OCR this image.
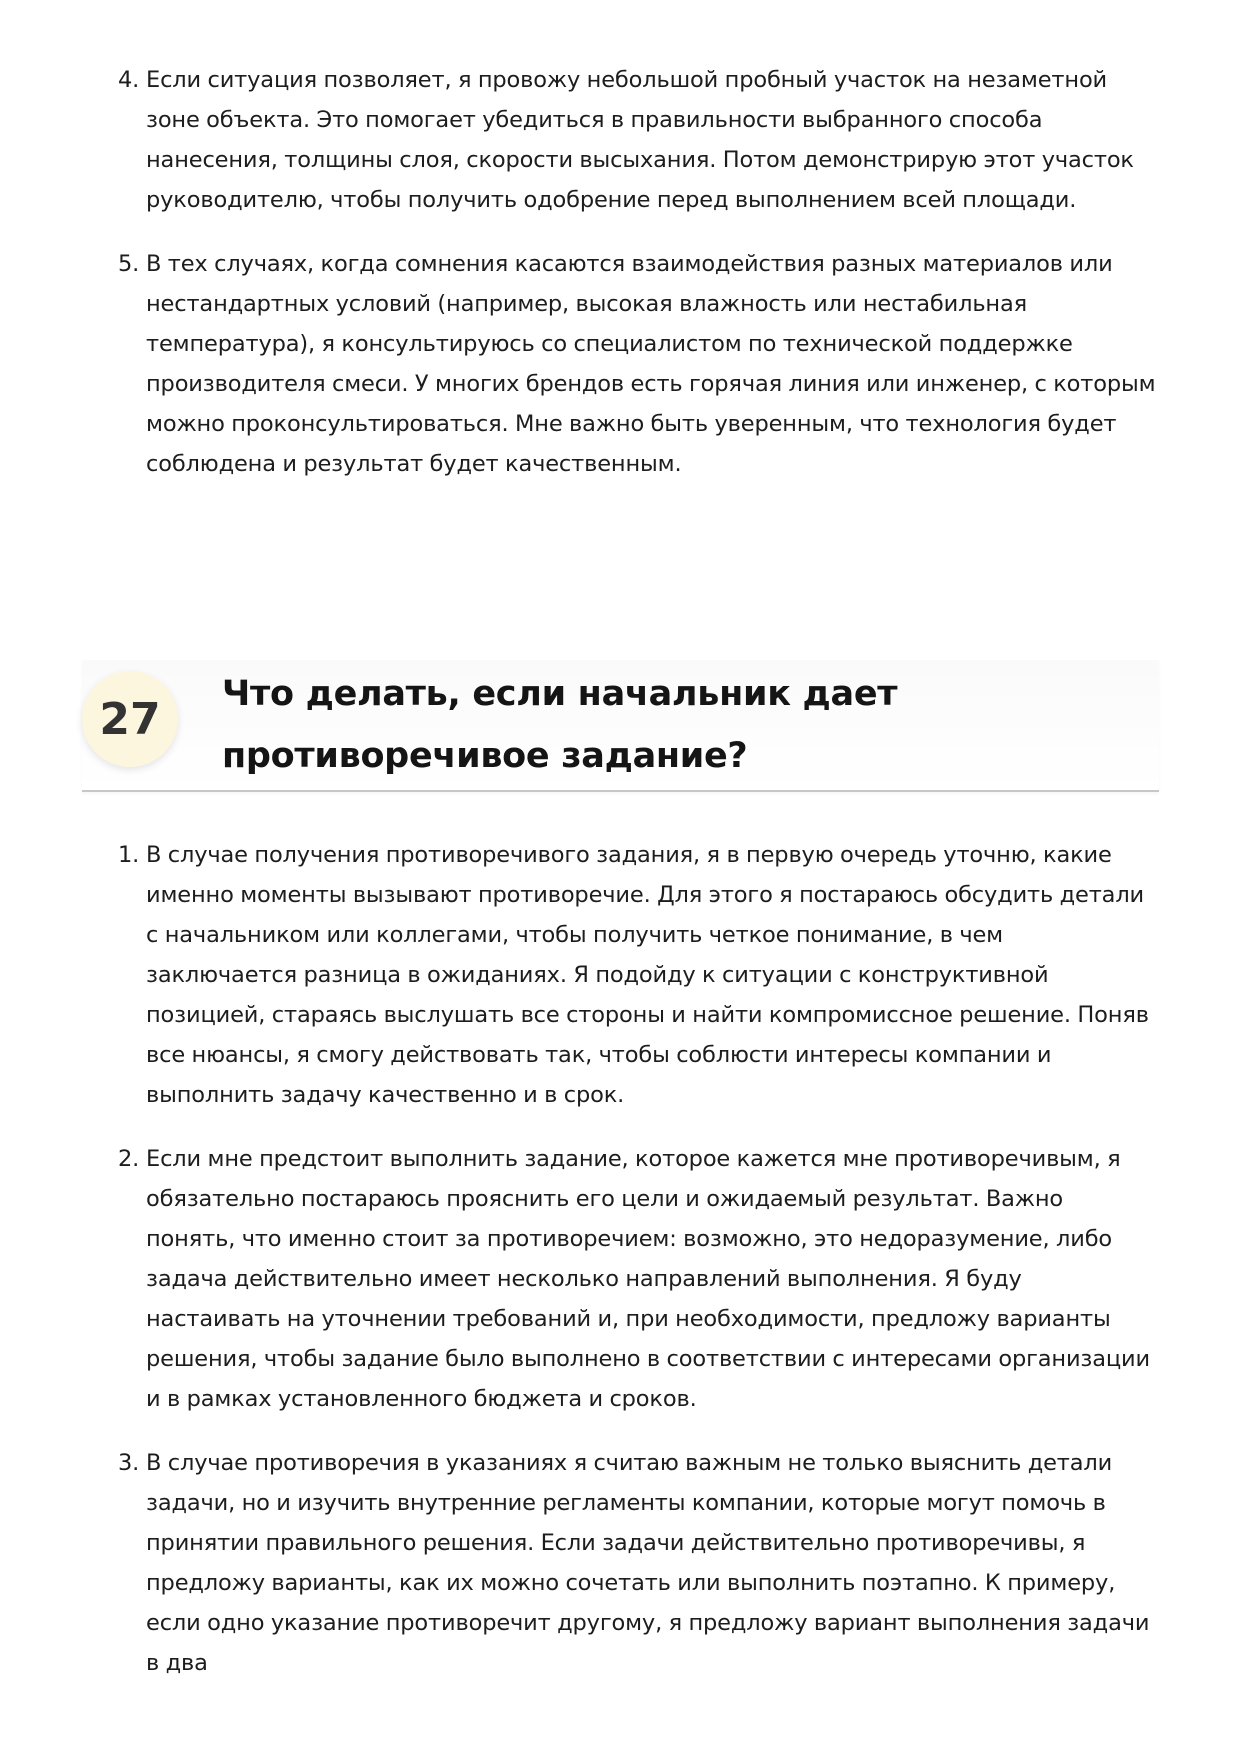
4. Если ситуация позволяет, я провожу небольшой пробный участок на незаметной зоне объекта. Это помогает убедиться в правильности выбранного способа нанесения, толщины слоя, скорости высыхания. Потом демонстрирую этот участок руководителю, чтобы получить одобрение перед выполнением всей площади.
5. В тех случаях, когда сомнения касаются взаимодействия разных материалов или нестандартных условий (например, высокая влажность или нестабильная температура), я консультируюсь со специалистом по технической поддержке производителя смеси. У многих брендов есть горячая линия или инженер, с которым можно проконсультироваться. Мне важно быть уверенным, что технология будет соблюдена и результат будет качественным.
27	Что делать, если начальник дает противоречивое задание?
1. В случае получения противоречивого задания, я в первую очередь уточню, какие именно моменты вызывают противоречие. Для этого я постараюсь обсудить детали с начальником или коллегами, чтобы получить четкое понимание, в чем заключается разница в ожиданиях. Я подойду к ситуации с конструктивной позицией, стараясь выслушать все стороны и найти компромиссное решение. Поняв все нюансы, я смогу действовать так, чтобы соблюсти интересы компании и выполнить задачу качественно и в срок.
2. Если мне предстоит выполнить задание, которое кажется мне противоречивым, я обязательно постараюсь прояснить его цели и ожидаемый результат. Важно понять, что именно стоит за противоречием: возможно, это недоразумение, либо задача действительно имеет несколько направлений выполнения. Я буду настаивать на уточнении требований и, при необходимости, предложу варианты решения, чтобы задание было выполнено в соответствии с интересами организации и в рамках установленного бюджета и сроков.
3. В случае противоречия в указаниях я считаю важным не только выяснить детали задачи, но и изучить внутренние регламенты компании, которые могут помочь в принятии правильного решения. Если задачи действительно противоречивы, я предложу варианты, как их можно сочетать или выполнить поэтапно. К примеру, если одно указание противоречит другому, я предложу вариант выполнения задачи в два
